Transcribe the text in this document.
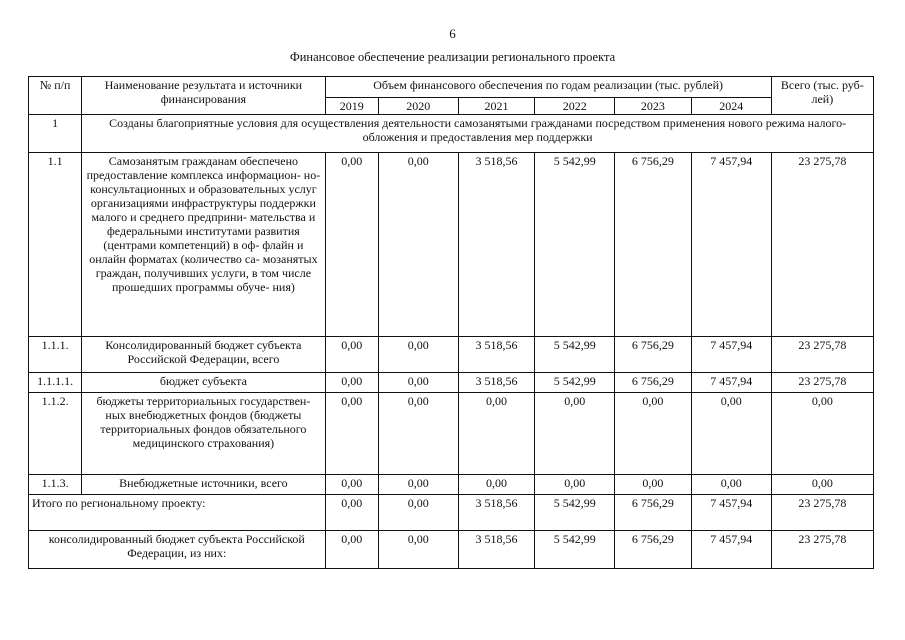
6
Финансовое обеспечение реализации регионального проекта
№ п/п	Наименование результата и источники финансирования	Объем финансового обеспечения по годам реализации (тыс. рублей)						Всего (тыс. руб- лей)
		2019	2020	2021	2022	2023	2024	
1	Созданы благоприятные условия для осуществления деятельности самозанятыми гражданами посредством применения нового режима налого- обложения и предоставления мер поддержки							
1.1	Самозанятым гражданам обеспечено предоставление комплекса информацион- но-консультационных и образовательных услуг организациями инфраструктуры поддержки малого и среднего предприни- мательства и федеральными институтами развития (центрами компетенций) в оф- флайн и онлайн форматах (количество са- мозанятых граждан, получивших услуги, в том числе прошедших программы обуче- ния)	0,00	0,00	3 518,56	5 542,99	6 756,29	7 457,94	23 275,78
1.1.1.	Консолидированный бюджет субъекта Российской Федерации, всего	0,00	0,00	3 518,56	5 542,99	6 756,29	7 457,94	23 275,78
1.1.1.1.	бюджет субъекта	0,00	0,00	3 518,56	5 542,99	6 756,29	7 457,94	23 275,78
1.1.2.	бюджеты территориальных государствен- ных внебюджетных фондов (бюджеты территориальных фондов обязательного медицинского страхования)	0,00	0,00	0,00	0,00	0,00	0,00	0,00
1.1.3.	Внебюджетные источники, всего	0,00	0,00	0,00	0,00	0,00	0,00	0,00
Итого по региональному проекту:		0,00	0,00	3 518,56	5 542,99	6 756,29	7 457,94	23 275,78
консолидированный бюджет субъекта Российской Федерации, из них:		0,00	0,00	3 518,56	5 542,99	6 756,29	7 457,94	23 275,78
